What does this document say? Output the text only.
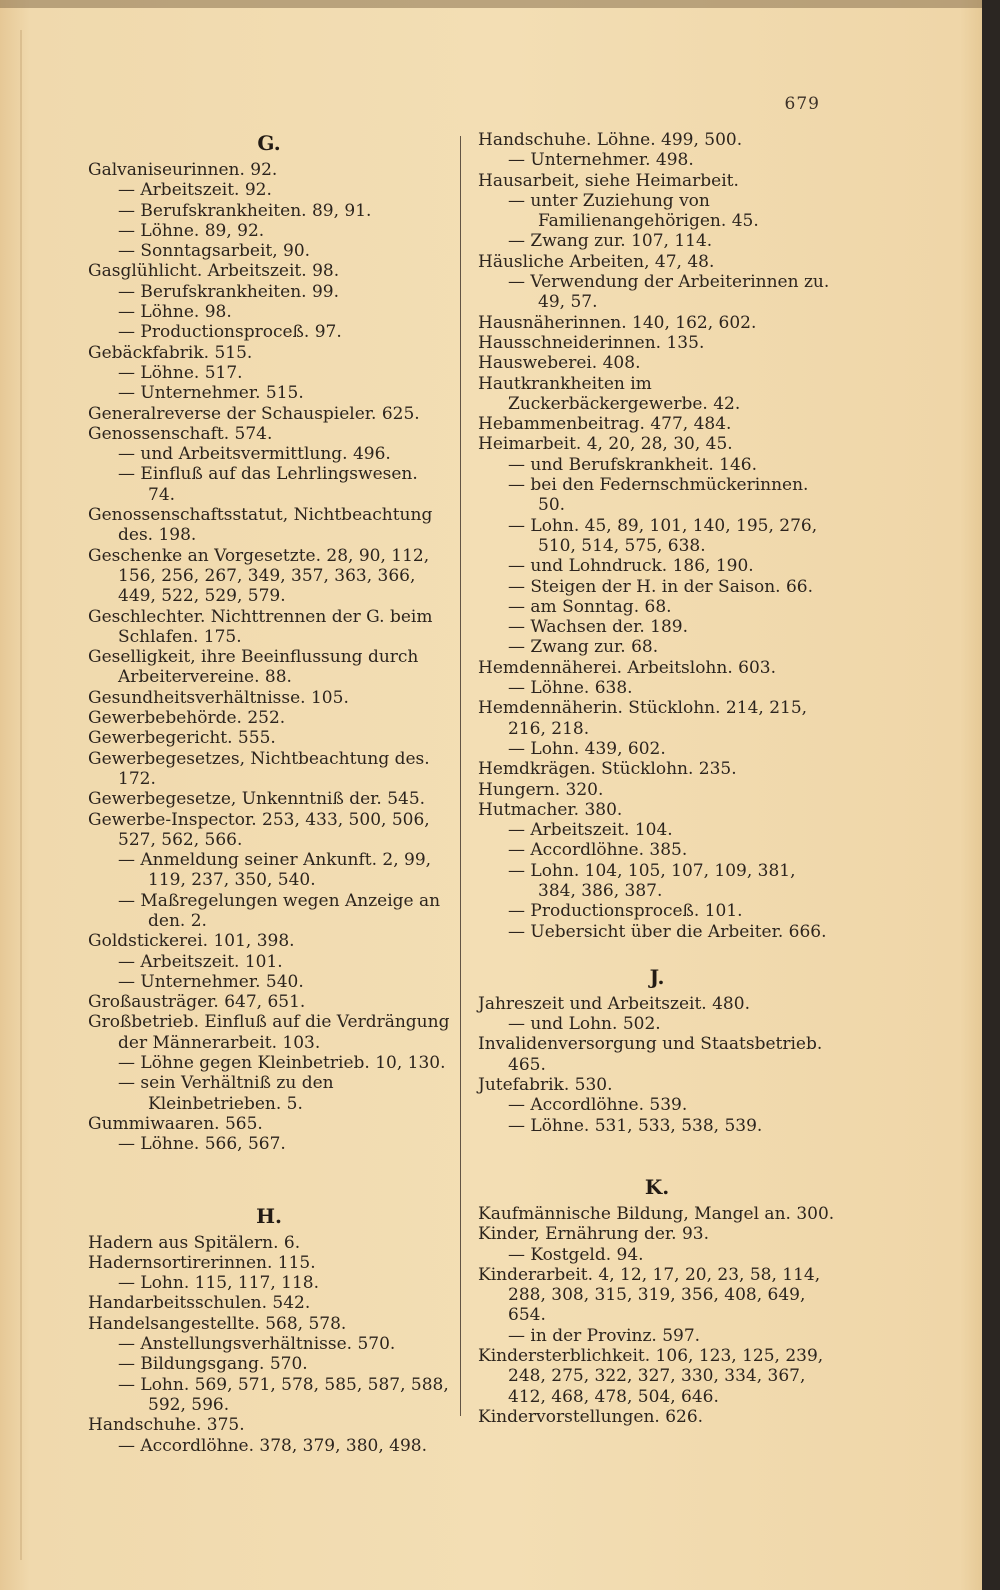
679
G.

Galvaniseurinnen. 92.

— Arbeitszeit. 92.

— Berufskrankheiten. 89, 91.

— Löhne. 89, 92.

— Sonntagsarbeit, 90.

Gasglühlicht. Arbeitszeit. 98.

— Berufskrankheiten. 99.

— Löhne. 98.

— Productionsproceß. 97.

Gebäckfabrik. 515.

— Löhne. 517.

— Unternehmer. 515.

Generalreverse der Schauspieler. 625.

Genossenschaft. 574.

— und Arbeitsvermittlung. 496.

— Einfluß auf das Lehrlingswesen. 74.

Genossenschaftsstatut, Nichtbeachtung des. 198.

Geschenke an Vorgesetzte. 28, 90, 112, 156, 256, 267, 349, 357, 363, 366, 449, 522, 529, 579.

Geschlechter. Nichttrennen der G. beim Schlafen. 175.

Geselligkeit, ihre Beeinflussung durch Arbeitervereine. 88.

Gesundheitsverhältnisse. 105.

Gewerbebehörde. 252.

Gewerbegericht. 555.

Gewerbegesetzes, Nichtbeachtung des. 172.

Gewerbegesetze, Unkenntniß der. 545.

Gewerbe-Inspector. 253, 433, 500, 506, 527, 562, 566.

— Anmeldung seiner Ankunft. 2, 99, 119, 237, 350, 540.

— Maßregelungen wegen Anzeige an den. 2.

Goldstickerei. 101, 398.

— Arbeitszeit. 101.

— Unternehmer. 540.

Großausträger. 647, 651.

Großbetrieb. Einfluß auf die Verdrängung der Männerarbeit. 103.

— Löhne gegen Kleinbetrieb. 10, 130.

— sein Verhältniß zu den Kleinbetrieben. 5.

Gummiwaaren. 565.

— Löhne. 566, 567.

H.

Hadern aus Spitälern. 6.

Hadernsortirerinnen. 115.

— Lohn. 115, 117, 118.

Handarbeitsschulen. 542.

Handelsangestellte. 568, 578.

— Anstellungsverhältnisse. 570.

— Bildungsgang. 570.

— Lohn. 569, 571, 578, 585, 587, 588, 592, 596.

Handschuhe. 375.

— Accordlöhne. 378, 379, 380, 498.

Handschuhe. Löhne. 499, 500.

— Unternehmer. 498.

Hausarbeit, siehe Heimarbeit.

— unter Zuziehung von Familienangehörigen. 45.

— Zwang zur. 107, 114.

Häusliche Arbeiten, 47, 48.

— Verwendung der Arbeiterinnen zu. 49, 57.

Hausnäherinnen. 140, 162, 602.

Hausschneiderinnen. 135.

Hausweberei. 408.

Hautkrankheiten im Zuckerbäckergewerbe. 42.

Hebammenbeitrag. 477, 484.

Heimarbeit. 4, 20, 28, 30, 45.

— und Berufskrankheit. 146.

— bei den Federnschmückerinnen. 50.

— Lohn. 45, 89, 101, 140, 195, 276, 510, 514, 575, 638.

— und Lohndruck. 186, 190.

— Steigen der H. in der Saison. 66.

— am Sonntag. 68.

— Wachsen der. 189.

— Zwang zur. 68.

Hemdennäherei. Arbeitslohn. 603.

— Löhne. 638.

Hemdennäherin. Stücklohn. 214, 215, 216, 218.

— Lohn. 439, 602.

Hemdkrägen. Stücklohn. 235.

Hungern. 320.

Hutmacher. 380.

— Arbeitszeit. 104.

— Accordlöhne. 385.

— Lohn. 104, 105, 107, 109, 381, 384, 386, 387.

— Productionsproceß. 101.

— Uebersicht über die Arbeiter. 666.

J.

Jahreszeit und Arbeitszeit. 480.

— und Lohn. 502.

Invalidenversorgung und Staatsbetrieb. 465.

Jutefabrik. 530.

— Accordlöhne. 539.

— Löhne. 531, 533, 538, 539.

K.

Kaufmännische Bildung, Mangel an. 300.

Kinder, Ernährung der. 93.

— Kostgeld. 94.

Kinderarbeit. 4, 12, 17, 20, 23, 58, 114, 288, 308, 315, 319, 356, 408, 649, 654.

— in der Provinz. 597.

Kindersterblichkeit. 106, 123, 125, 239, 248, 275, 322, 327, 330, 334, 367, 412, 468, 478, 504, 646.

Kindervorstellungen. 626.
